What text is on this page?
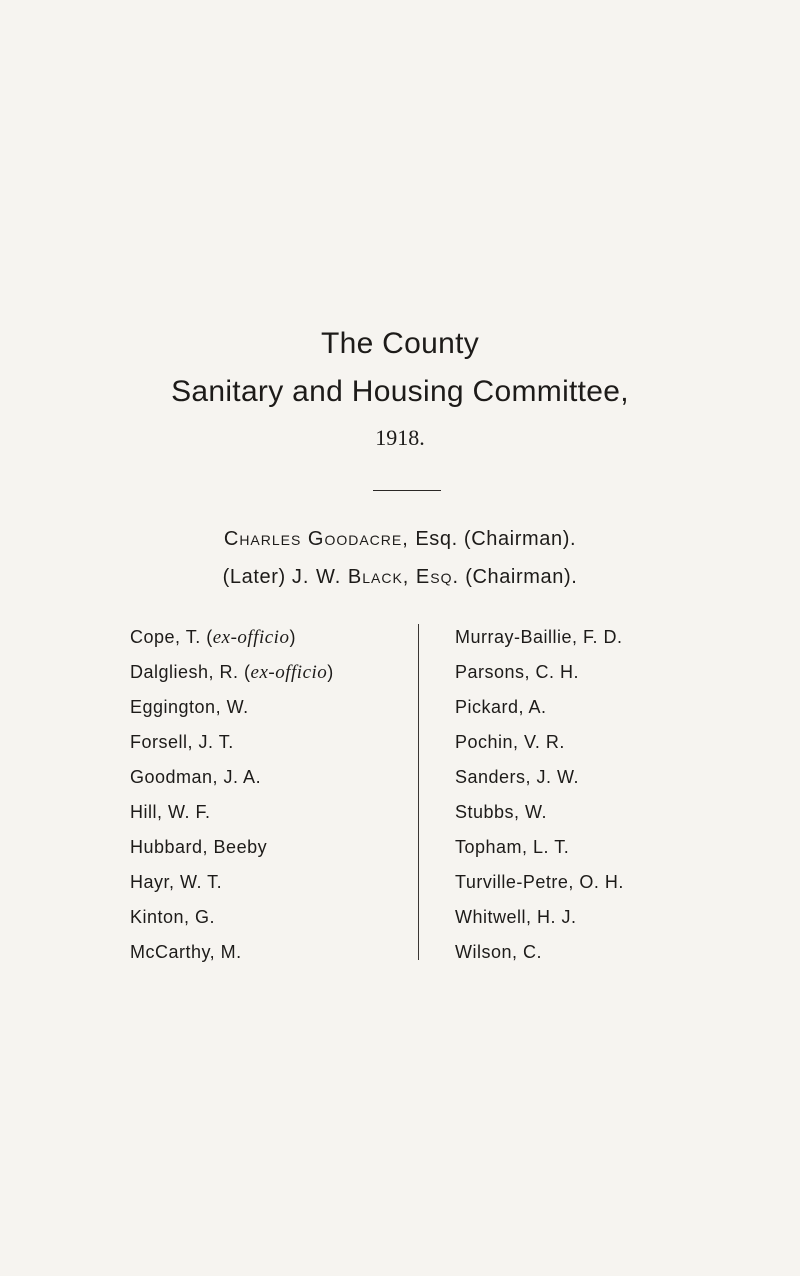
The County
Sanitary and Housing Committee,
1918.
Charles Goodacre, Esq. (Chairman).
(Later) J. W. Black, Esq. (Chairman).
Cope, T. (ex-officio)
Dalgliesh, R. (ex-officio)
Eggington, W.
Forsell, J. T.
Goodman, J. A.
Hill, W. F.
Hubbard, Beeby
Hayr, W. T.
Kinton, G.
McCarthy, M.
Murray-Baillie, F. D.
Parsons, C. H.
Pickard, A.
Pochin, V. R.
Sanders, J. W.
Stubbs, W.
Topham, L. T.
Turville-Petre, O. H.
Whitwell, H. J.
Wilson, C.
